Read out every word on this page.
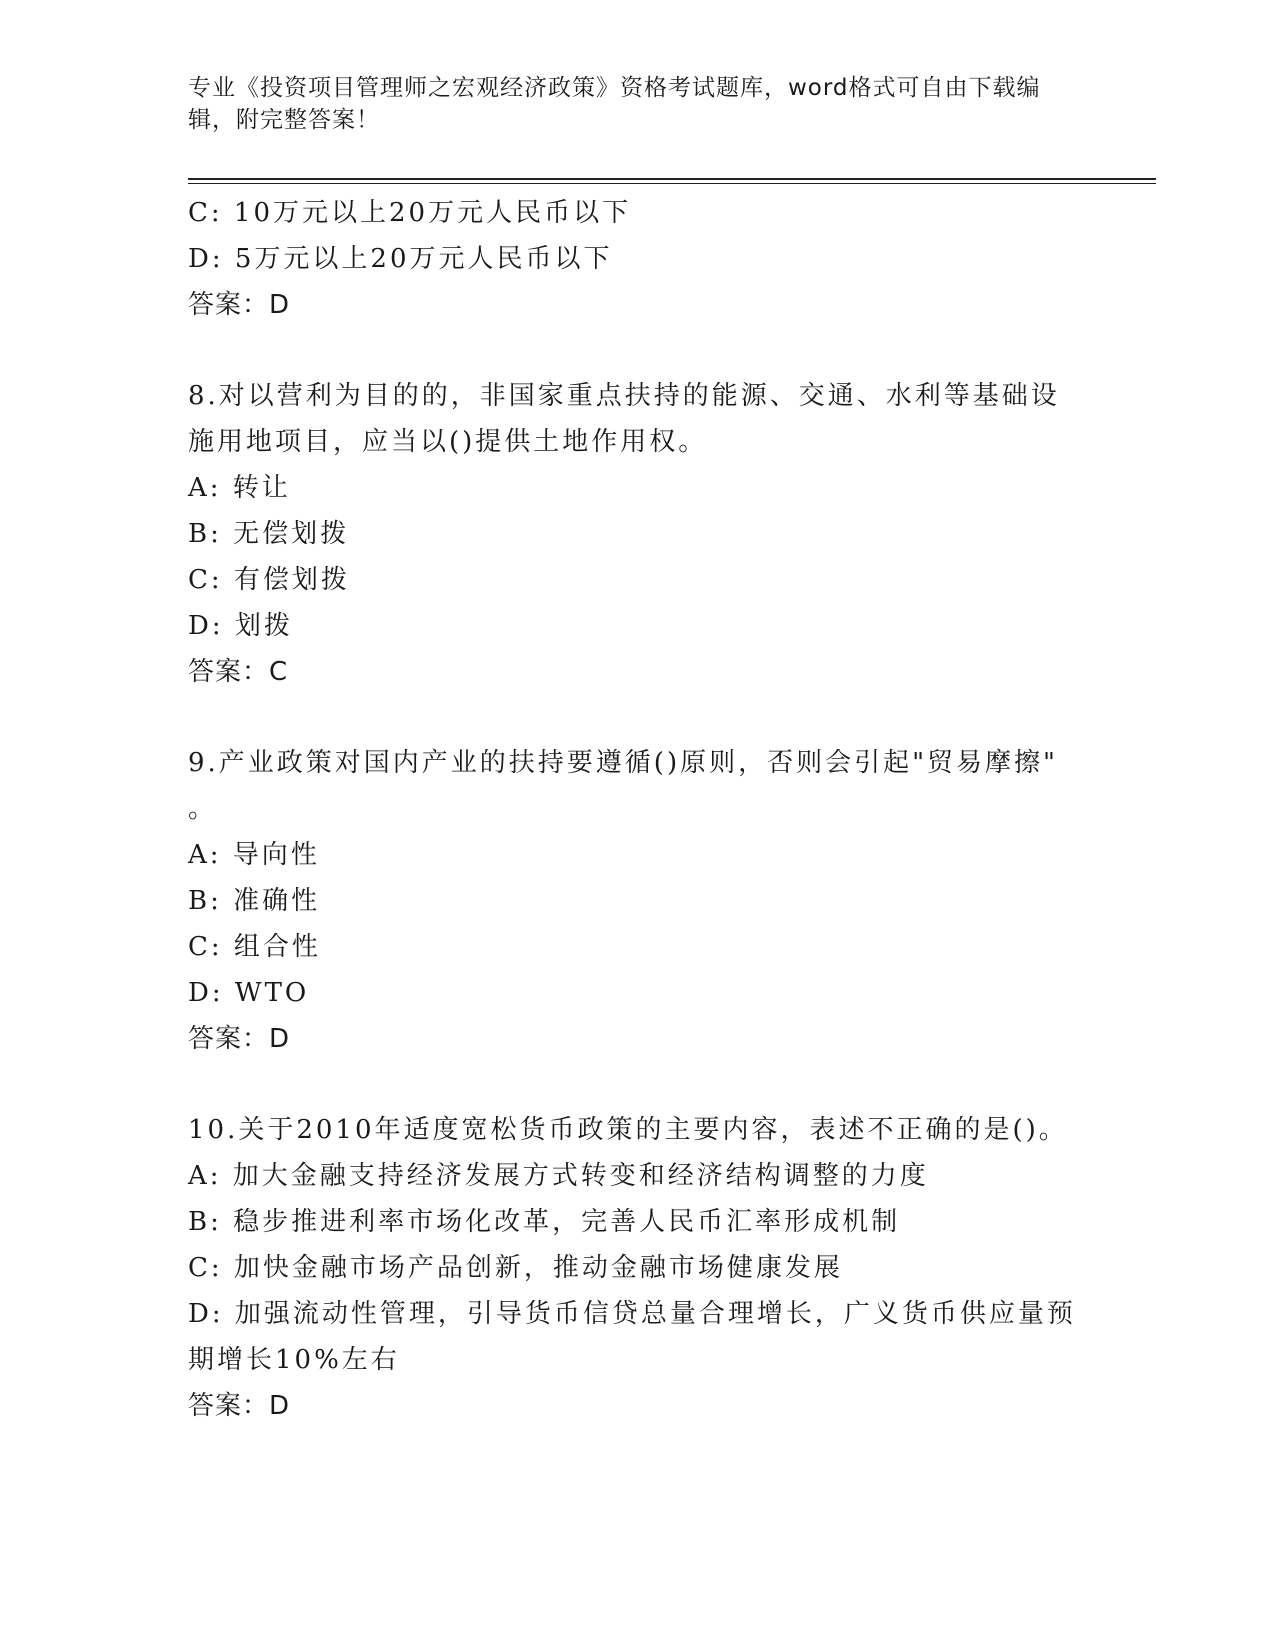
专业《投资项目管理师之宏观经济政策》资格考试题库，word格式可自由下载编
辑，附完整答案！
C: 10万元以上20万元人民币以下
D: 5万元以上20万元人民币以下
答案：D
8.对以营利为目的的，非国家重点扶持的能源、交通、水利等基础设
施用地项目，应当以()提供土地作用权。
A: 转让
B: 无偿划拨
C: 有偿划拨
D: 划拨
答案：C
9.产业政策对国内产业的扶持要遵循()原则，否则会引起"贸易摩擦"
。
A: 导向性
B: 准确性
C: 组合性
D: WTO
答案：D
10.关于2010年适度宽松货币政策的主要内容，表述不正确的是()。
A: 加大金融支持经济发展方式转变和经济结构调整的力度
B: 稳步推进利率市场化改革，完善人民币汇率形成机制
C: 加快金融市场产品创新，推动金融市场健康发展
D: 加强流动性管理，引导货币信贷总量合理增长，广义货币供应量预
期增长10%左右
答案：D
